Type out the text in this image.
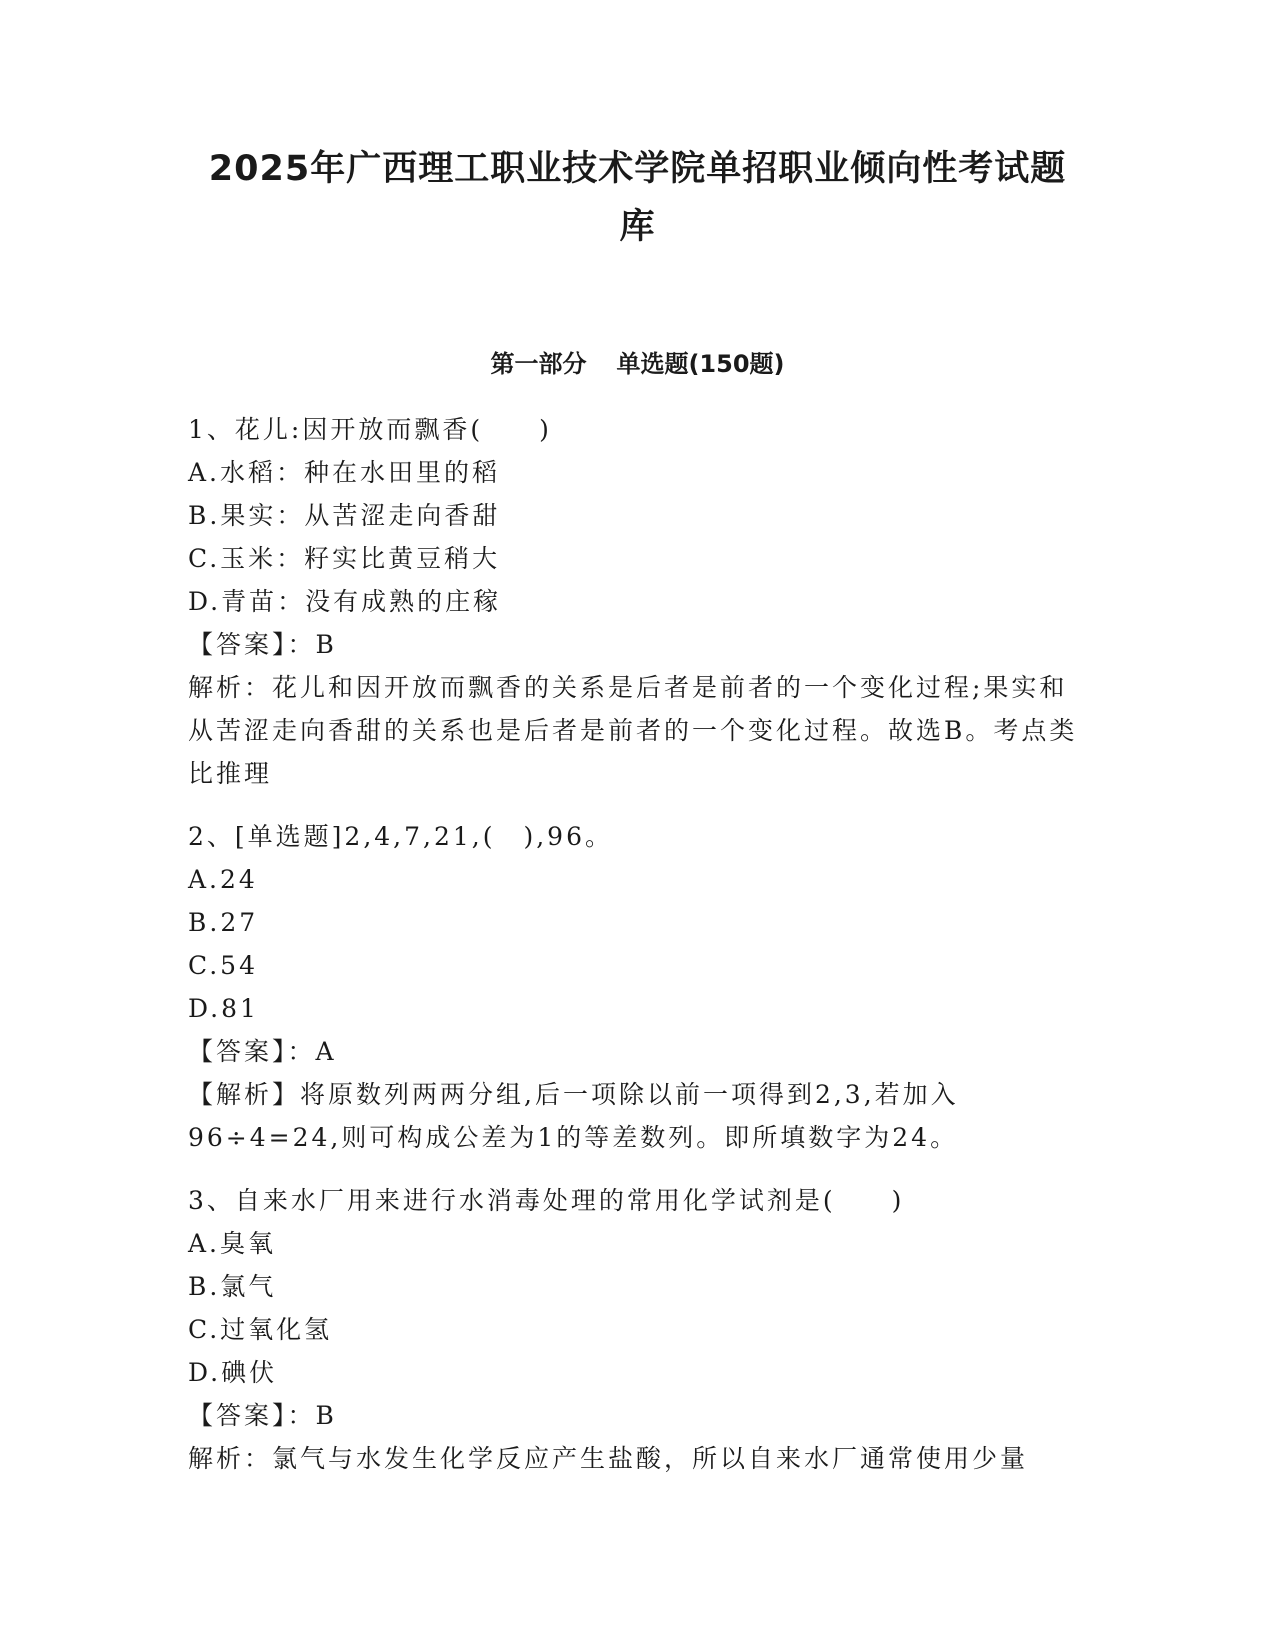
2025年广西理工职业技术学院单招职业倾向性考试题
库
第一部分 单选题(150题)
1、花儿:因开放而飘香(　　)
A.水稻：种在水田里的稻
B.果实：从苦涩走向香甜
C.玉米：籽实比黄豆稍大
D.青苗：没有成熟的庄稼
【答案】：B
解析：花儿和因开放而飘香的关系是后者是前者的一个变化过程;果实和从苦涩走向香甜的关系也是后者是前者的一个变化过程。故选B。考点类比推理
2、[单选题]2,4,7,21,(　),96。
A.24
B.27
C.54
D.81
【答案】：A
【解析】将原数列两两分组,后一项除以前一项得到2,3,若加入
96÷4=24,则可构成公差为1的等差数列。即所填数字为24。
3、自来水厂用来进行水消毒处理的常用化学试剂是(　　)
A.臭氧
B.氯气
C.过氧化氢
D.碘伏
【答案】：B
解析：氯气与水发生化学反应产生盐酸，所以自来水厂通常使用少量
